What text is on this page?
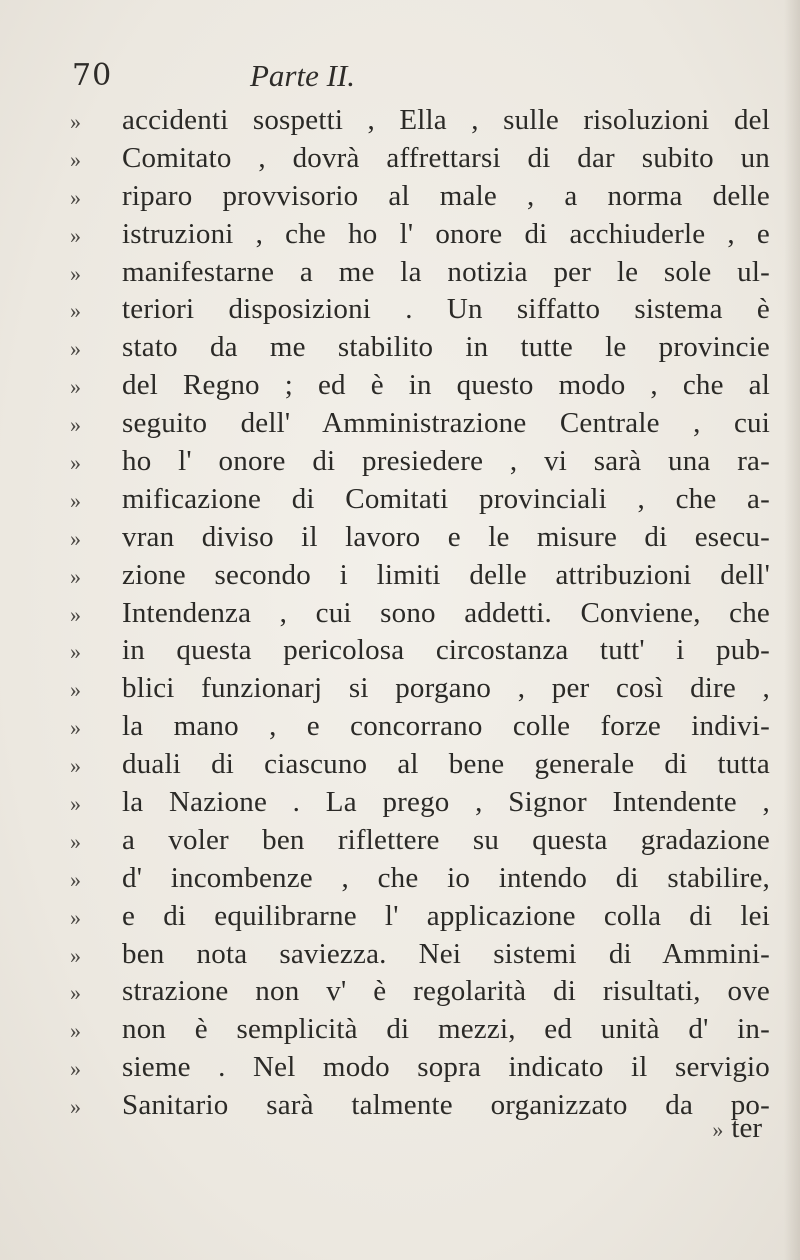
70	Parte II.
»	accidenti sospetti , Ella , sulle risoluzioni del
»	Comitato , dovrà affrettarsi di dar subito un
»	riparo provvisorio al male , a norma delle
»	istruzioni , che ho l' onore di acchiuderle , e
»	manifestarne a me la notizia per le sole ul-
»	teriori disposizioni . Un siffatto sistema è
»	stato da me stabilito in tutte le provincie
»	del Regno ; ed è in questo modo , che al
»	seguito dell' Amministrazione Centrale , cui
»	ho l' onore di presiedere , vi sarà una ra-
»	mificazione di Comitati provinciali , che a-
»	vran diviso il lavoro e le misure di esecu-
»	zione secondo i limiti delle attribuzioni dell'
»	Intendenza , cui sono addetti. Conviene, che
»	in questa pericolosa circostanza tutt' i pub-
»	blici funzionarj si porgano , per così dire ,
»	la mano , e concorrano colle forze indivi-
»	duali di ciascuno al bene generale di tutta
»	la Nazione . La prego , Signor Intendente ,
»	a voler ben riflettere su questa gradazione
»	d' incombenze , che io intendo di stabilire,
»	e di equilibrarne l' applicazione colla di lei
»	ben nota saviezza. Nei sistemi di Ammini-
»	strazione non v' è regolarità di risultati, ove
»	non è semplicità di mezzi, ed unità d' in-
»	sieme . Nel modo sopra indicato il servigio
»	Sanitario sarà talmente organizzato da po-
» ter
